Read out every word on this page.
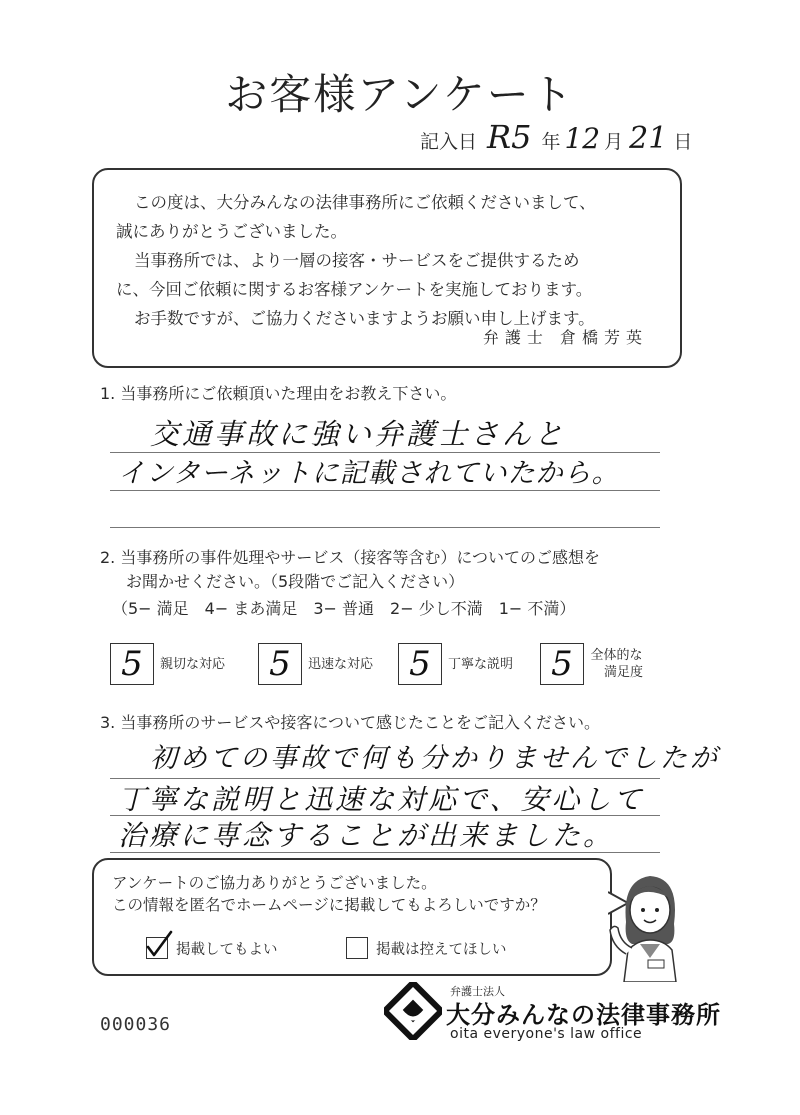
お客様アンケート
記入日 R5 年 12 月 21 日

この度は、大分みんなの法律事務所にご依頼くださいまして、

誠にありがとうございました。

当事務所では、より一層の接客・サービスをご提供するため

に、今回ご依頼に関するお客様アンケートを実施しております。

お手数ですが、ご協力くださいますようお願い申し上げます。

弁護士 倉橋芳英
1. 当事務所にご依頼頂いた理由をお教え下さい。
交通事故に強い弁護士さんと
インターネットに記載されていたから。
2. 当事務所の事件処理やサービス（接客等含む）についてのご感想を
お聞かせください。（5段階でご記入ください）
（5− 満足　4− まあ満足　3− 普通　2− 少し不満　1− 不満）
5	親切な対応	5	迅速な対応	5	丁寧な説明	5	全体的な
満足度
3. 当事務所のサービスや接客について感じたことをご記入ください。
初めての事故で何も分かりませんでしたが
丁寧な説明と迅速な対応で、安心して
治療に専念することが出来ました。
アンケートのご協力ありがとうございました。
この情報を匿名でホームページに掲載してもよろしいですか？
掲載してもよい	掲載は控えてほしい
000036
弁護士法人
大分みんなの法律事務所
oita everyone's law office
